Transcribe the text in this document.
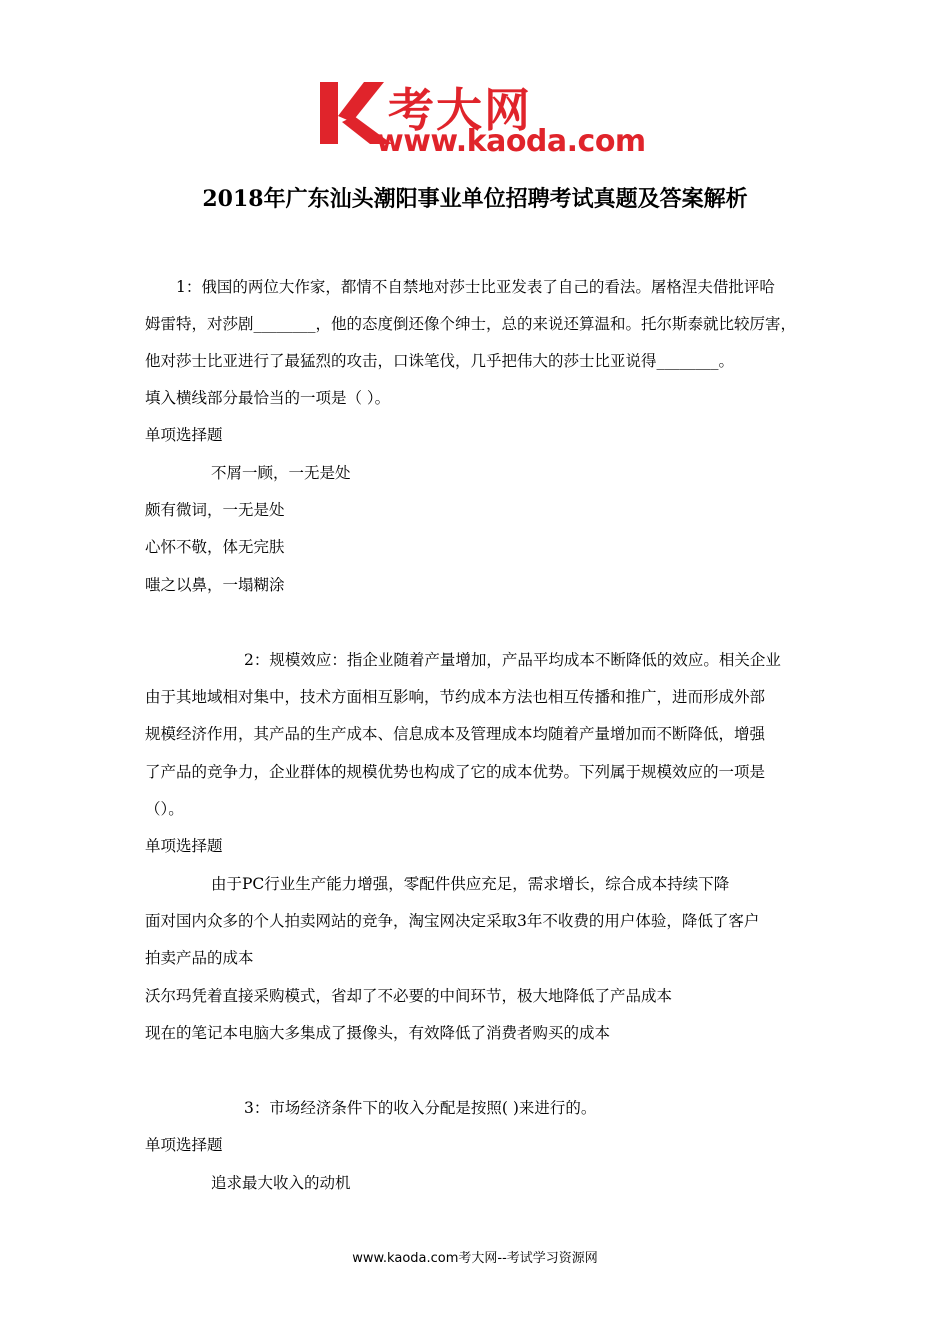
考大网
www.kaoda.com
2018年广东汕头潮阳事业单位招聘考试真题及答案解析
1：俄国的两位大作家，都情不自禁地对莎士比亚发表了自己的看法。屠格涅夫借批评哈
姆雷特，对莎剧________，他的态度倒还像个绅士，总的来说还算温和。托尔斯泰就比较厉害，
他对莎士比亚进行了最猛烈的攻击，口诛笔伐，几乎把伟大的莎士比亚说得________。
填入横线部分最恰当的一项是（ ）。
单项选择题
不屑一顾，一无是处
颇有微词，一无是处
心怀不敬，体无完肤
嗤之以鼻，一塌糊涂
2：规模效应：指企业随着产量增加，产品平均成本不断降低的效应。相关企业
由于其地域相对集中，技术方面相互影响，节约成本方法也相互传播和推广，进而形成外部
规模经济作用，其产品的生产成本、信息成本及管理成本均随着产量增加而不断降低，增强
了产品的竞争力，企业群体的规模优势也构成了它的成本优势。下列属于规模效应的一项是
（）。
单项选择题
由于PC行业生产能力增强，零配件供应充足，需求增长，综合成本持续下降
面对国内众多的个人拍卖网站的竞争，淘宝网决定采取3年不收费的用户体验，降低了客户
拍卖产品的成本
沃尔玛凭着直接采购模式，省却了不必要的中间环节，极大地降低了产品成本
现在的笔记本电脑大多集成了摄像头，有效降低了消费者购买的成本
3：市场经济条件下的收入分配是按照( )来进行的。
单项选择题
追求最大收入的动机
www.kaoda.com考大网--考试学习资源网
